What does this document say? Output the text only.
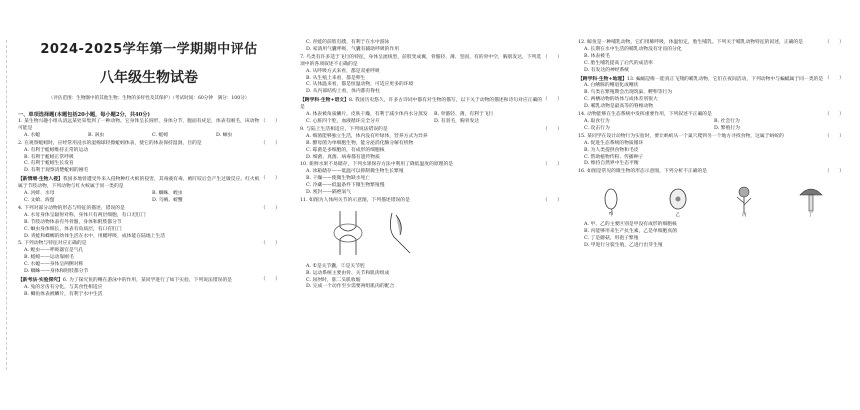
2024-2025学年第一学期期中评估
八年级生物试卷
（评估范围：生物圈中的其他生物；生物的多样性及其保护）（考试时间：60分钟　满分：100分）
一、单项选择题(本题包括20小题，每小题2分，共40分)
（　　）
1. 某生物兴趣小组从清远某处采集到了一种动物。它身体呈长圆形，身体分节，腹面有疣足，体表有刚毛，该动物可能是
A. 水螅	B. 涡虫	C. 蚯蚓	D. 蛔虫
（　　）
2. 在观察蚯蚓时，应经常用浸水的湿棉球轻擦蚯蚓体表，使它的体表保持湿润，目的是
A. 有利于蚯蚓维持正常的运动
B. 有利于蚯蚓正常呼吸
C. 有利于蚯蚓生长发育
D. 有利于观察清楚蚯蚓的刚毛
（　　）
【新情境·生物入侵】我国多地曾遭受外来入侵物种红火蚁的侵害，其毒液有毒，被叮咬后会产生过敏反应。红火蚁属于节肢动物，下列动物与红火蚁属于同一类的是
A. 河蚌、水母	B. 蜘蛛、蝗虫
C. 文蛤、海蜇	D. 乌贼、螃蟹
（　　）
4. 下列对部分动物的形态与特征的描述，错误的是
A. 水母身体呈辐射对称，身体只有两层细胞，有口无肛门
B. 节肢动物体表有外骨骼，身体和附肢都分节
C. 蛔虫身体细长，体表有角质层，有口有肛门
D. 青蛙和蝾螈的幼体生活在水中，用鳃呼吸，成体能在陆地上生活
（　　）
5. 下列动物与特征对应正确的是
A. 蝗虫——呼吸器官是气孔
B. 蚯蚓——运动靠刚毛
C. 水螅——身体呈两侧对称
D. 蜘蛛——身体和附肢都分节
（　　）
【新考法·实验探究】6. 为了探究鱼的鳍在游泳中的作用，某同学进行了如下实验，下列说法错误的是
A. 兔的牙齿有分化，与其食性相适应
B. 鲫鱼体表被鳞片，有利于水中生活
C. 青蛙的前肢有蹼，有利于在水中游泳
D. 家鸽用气囊呼吸，气囊有辅助呼吸的作用
（　　）
7. 鸟类有许多适于飞行的特征，身体呈流线型，前肢变成翼，骨骼轻、薄、坚固，有的骨中空，胸肌发达，下列选项中的各项叙述不正确的是
A. 从呼吸方式来看，都是双重呼吸
B. 从生殖上来看，都是卵生
C. 从体温来看，都是恒温动物，可适应更多的环境
D. 从内部结构上看，体内都有脊柱
（　　）
【跨学科·生物+语文】8. 我国历史悠久，许多古诗词中都有对生物的描写，以下关于动物的描述和诗句对应正确的是
A. 体表被角质鳞片，皮肤干燥，有利于减少体内水分蒸发	B. 骨骼轻、薄，有利于飞行
C. 心脏四个腔，血液循环完全分开	D. 有羽毛，胸骨发达
（　　）
9. 与陆上生活相适应，下列说法错误的是
A. 细菌能够独立生活，体内没有叶绿体，营养方式为异养
B. 酵母菌为单细胞生物，能分泌消化酶分解有机物
C. 霉菌是多细胞的，有成形的细胞核
D. 细菌、真菌、病毒都有遗传物质
（　　）
10. 新鲜水果不易储存，下列水果保存方法中利用了降低温度的原理的是
A. 冰箱储存——低温可以抑制微生物生长繁殖
B. 干燥——使微生物缺水死亡
C. 冷藏——低温条件下微生物繁殖慢
D. 密封——隔绝氧气
（　　）
11. 如图为人体两关节的示意图，下列描述错误的是
A. ①是关节囊，②是关节腔
B. 运动系统主要由骨、关节和肌肉组成
C. 屈肘时，肱二头肌收缩
D. 完成一个动作至少需要两组肌肉的配合
（　　）
12. 鲸鱼是一种哺乳动物，它们用肺呼吸，体温恒定，胎生哺乳。下列关于哺乳动物特征的叙述，正确的是
A. 长期在水中生活的哺乳动物没有牙齿的分化
B. 体表被毛
C. 胎生哺乳提高了后代的成活率
D. 有发达的神经系统
（　　）
【跨学科·生物+地理】13. 蝙蝠是唯一能真正飞翔的哺乳动物，它们在夜间活动，下列动物中与蝙蝠属于同一类的是
A. 白鳍豚的鳍退化成鳍状
B. 鸟类在繁殖期会出现筑巢、孵卵等行为
C. 两栖动物的幼体与成体差别很大
D. 哺乳动物是最高等的脊椎动物
（　　）
14. 动物能够在生态系统中发挥重要作用，下列叙述不正确的是
A. 取食行为	B. 社会行为
C. 攻击行为	D. 繁殖行为
（　　）
15. 某同学在设计动物行为实验时，要让蚂蚁从一个巢穴爬到另一个地方寻找食物，这属于蚂蚁的
A. 促进生态系统的物质循环
B. 为人类提供食物和毛皮
C. 帮助植物传粉、传播种子
D. 维持自然界中生态平衡
（　　）
16. 如图是常见的微生物的形态示意图，下列分析不正确的是
甲	乙	丙	丁
A. 甲、乙的主要区别是甲没有成形的细胞核
B. 丙能够用来生产抗生素，乙是单细胞真菌
C. 丁是蘑菇，用孢子繁殖
D. 甲进行分裂生殖，乙进行出芽生殖
